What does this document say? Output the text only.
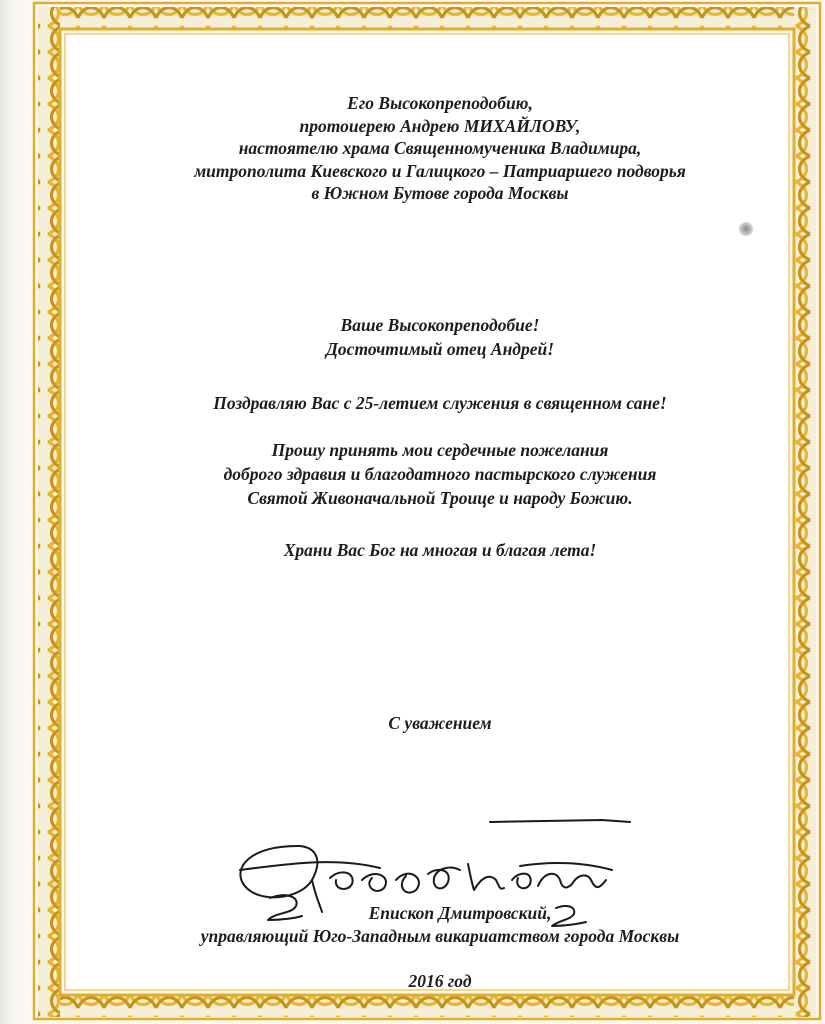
Его Высокопреподобию,
протоиерею Андрею МИХАЙЛОВУ,
настоятелю храма Священномученика Владимира,
митрополита Киевского и Галицкого – Патриаршего подворья
в Южном Бутове города Москвы
Ваше Высокопреподобие!
Досточтимый отец Андрей!
Поздравляю Вас с 25-летием служения в священном сане!
Прошу принять мои сердечные пожелания
доброго здравия и благодатного пастырского служения
Святой Живоначальной Троице и народу Божию.
Храни Вас Бог на многая и благая лета!
С уважением
Епископ Дмитровский,
управляющий Юго-Западным викариатством города Москвы
2016 год
